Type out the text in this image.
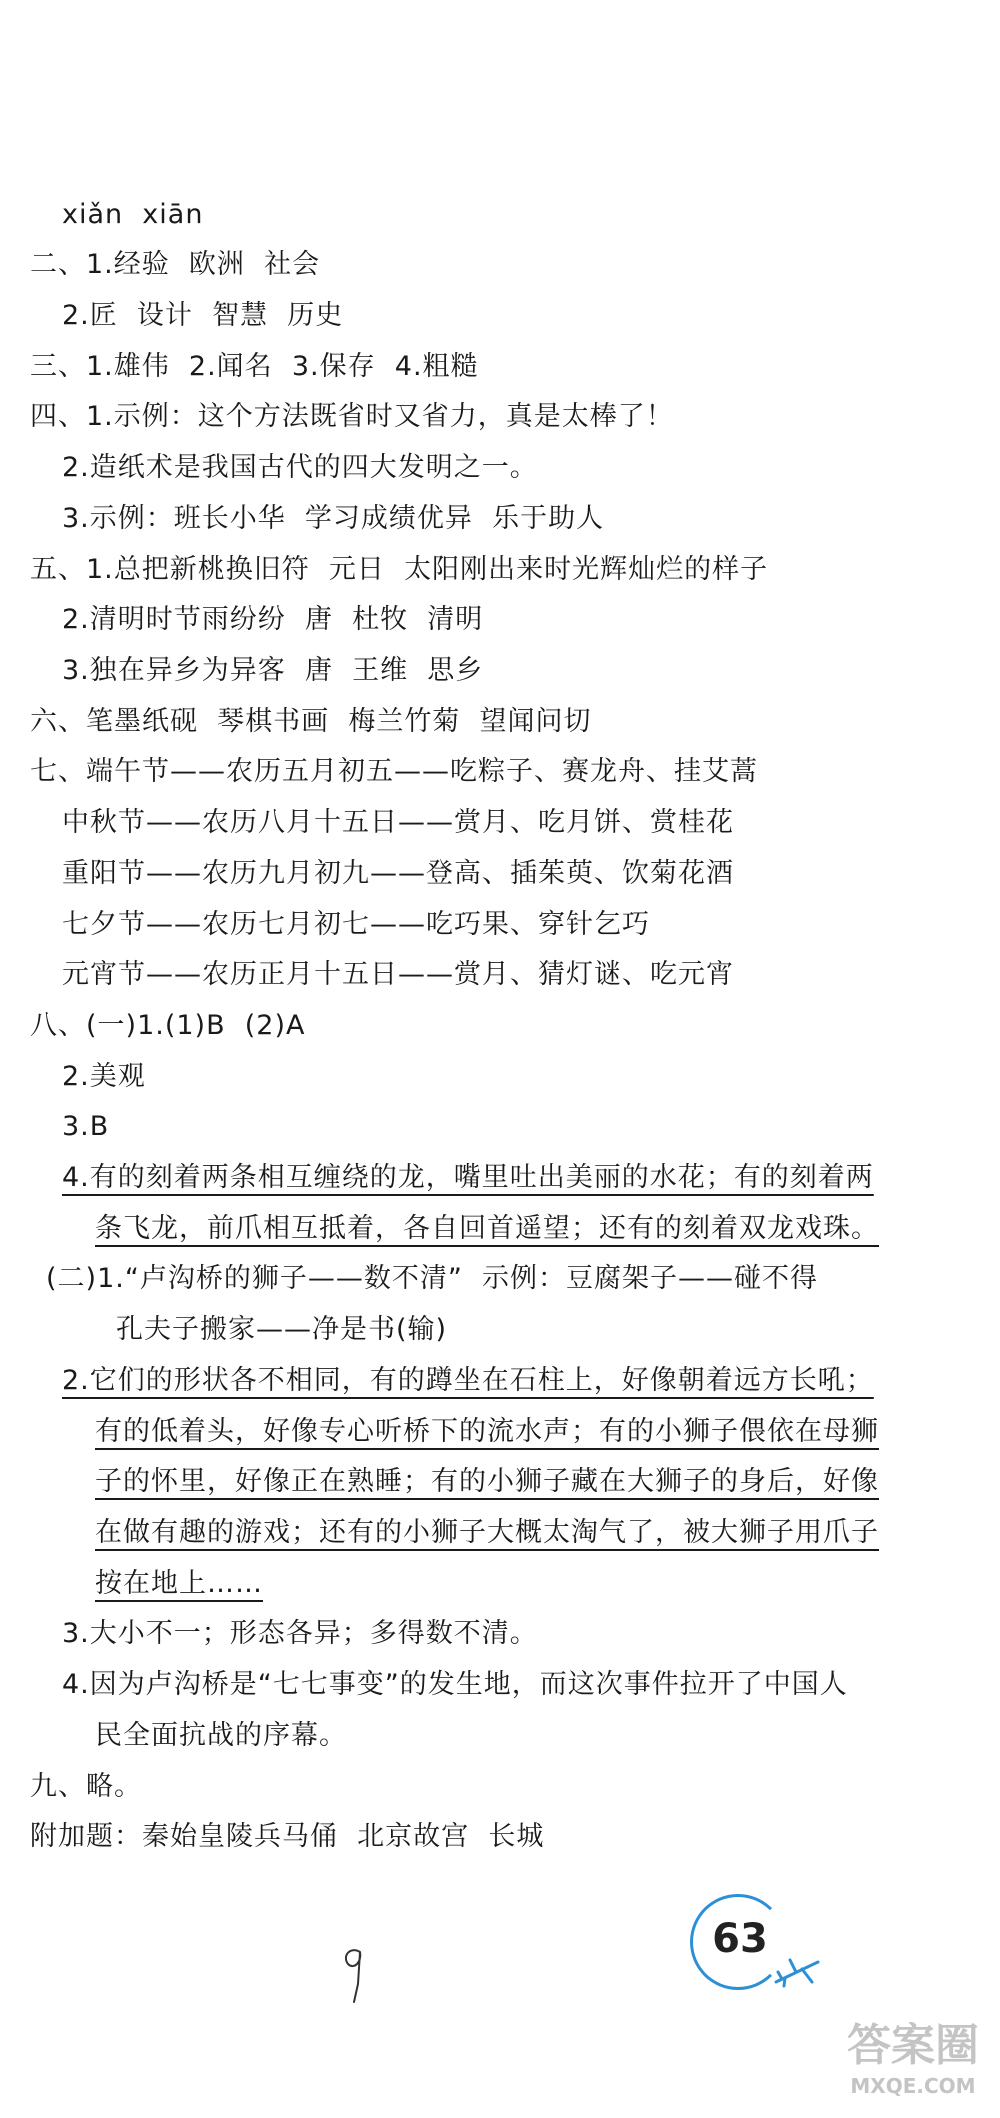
xiǎn  xiān
二、1.经验  欧洲  社会
2.匠  设计  智慧  历史
三、1.雄伟  2.闻名  3.保存  4.粗糙
四、1.示例：这个方法既省时又省力，真是太棒了！
2.造纸术是我国古代的四大发明之一。
3.示例：班长小华  学习成绩优异  乐于助人
五、1.总把新桃换旧符  元日  太阳刚出来时光辉灿烂的样子
2.清明时节雨纷纷  唐  杜牧  清明
3.独在异乡为异客  唐  王维  思乡
六、笔墨纸砚  琴棋书画  梅兰竹菊  望闻问切
七、端午节——农历五月初五——吃粽子、赛龙舟、挂艾蒿
中秋节——农历八月十五日——赏月、吃月饼、赏桂花
重阳节——农历九月初九——登高、插茱萸、饮菊花酒
七夕节——农历七月初七——吃巧果、穿针乞巧
元宵节——农历正月十五日——赏月、猜灯谜、吃元宵
八、(一)1.(1)B  (2)A
2.美观
3.B
4.有的刻着两条相互缠绕的龙，嘴里吐出美丽的水花；有的刻着两
条飞龙，前爪相互抵着，各自回首遥望；还有的刻着双龙戏珠。
(二)1.“卢沟桥的狮子——数不清”  示例：豆腐架子——碰不得
孔夫子搬家——净是书(输)
2.它们的形状各不相同，有的蹲坐在石柱上，好像朝着远方长吼；
有的低着头，好像专心听桥下的流水声；有的小狮子偎依在母狮
子的怀里，好像正在熟睡；有的小狮子藏在大狮子的身后，好像
在做有趣的游戏；还有的小狮子大概太淘气了，被大狮子用爪子
按在地上……
3.大小不一；形态各异；多得数不清。
4.因为卢沟桥是“七七事变”的发生地，而这次事件拉开了中国人
民全面抗战的序幕。
九、略。
附加题：秦始皇陵兵马俑  北京故宫  长城
63
答案圈
MXQE.COM
